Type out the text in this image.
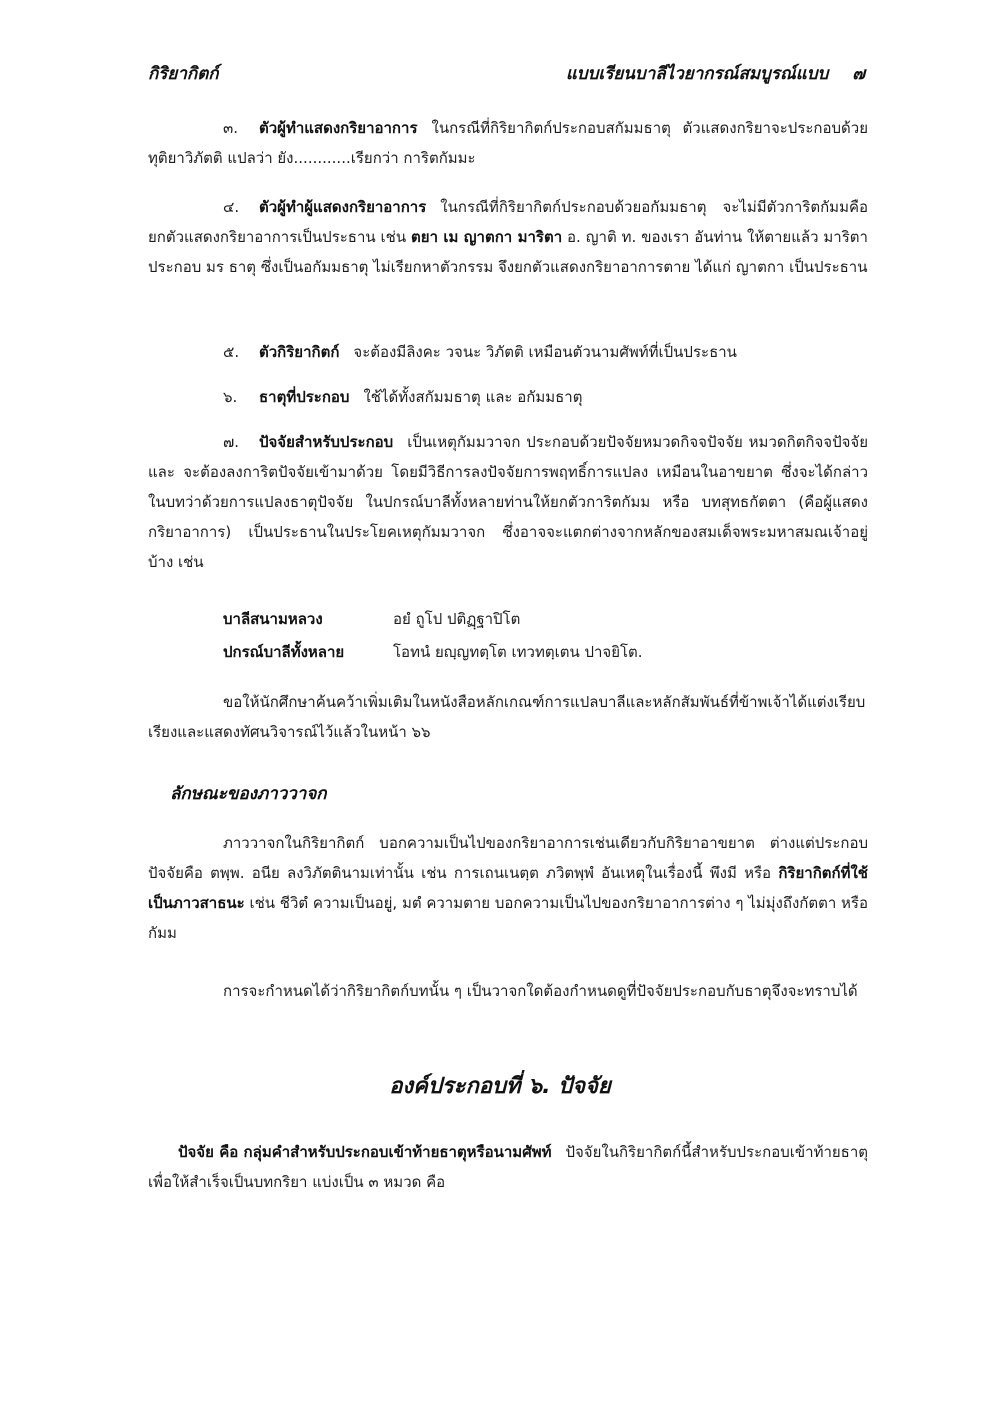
กิริยากิตก์	แบบเรียนบาลีไวยากรณ์สมบูรณ์แบบ ๗
๓. ตัวผู้ทำแสดงกริยาอาการ ในกรณีที่กิริยากิตก์ประกอบสกัมมธาตุ ตัวแสดงกริยาจะประกอบด้วยทุติยาวิภัตติ แปลว่า ยัง............เรียกว่า การิตกัมมะ
๔. ตัวผู้ทำผู้แสดงกริยาอาการ ในกรณีที่กิริยากิตก์ประกอบด้วยอกัมมธาตุ จะไม่มีตัวการิตกัมมคือ ยกตัวแสดงกริยาอาการเป็นประธาน เช่น ตยา เม ญาตกา มาริตา อ. ญาติ ท. ของเรา อันท่าน ให้ตายแล้ว มาริตา ประกอบ มร ธาตุ ซึ่งเป็นอกัมมธาตุ ไม่เรียกหาตัวกรรม จึงยกตัวแสดงกริยาอาการตาย ได้แก่ ญาตกา เป็นประธาน
๕. ตัวกิริยากิตก์ จะต้องมีลิงคะ วจนะ วิภัตติ เหมือนตัวนามศัพท์ที่เป็นประธาน
๖. ธาตุที่ประกอบ ใช้ได้ทั้งสกัมมธาตุ และ อกัมมธาตุ
๗. ปัจจัยสำหรับประกอบ เป็นเหตุกัมมวาจก ประกอบด้วยปัจจัยหมวดกิจจปัจจัย หมวดกิตกิจจปัจจัย และ จะต้องลงการิตปัจจัยเข้ามาด้วย โดยมีวิธีการลงปัจจัยการพฤทธิ์การแปลง เหมือนในอาขยาต ซึ่งจะได้กล่าวในบทว่าด้วยการแปลงธาตุปัจจัย ในปกรณ์บาลีทั้งหลายท่านให้ยกตัวการิตกัมม หรือ บทสุทธกัตตา (คือผู้แสดงกริยาอาการ) เป็นประธานในประโยคเหตุกัมมวาจก ซึ่งอาจจะแตกต่างจากหลักของสมเด็จพระมหาสมณเจ้าอยู่บ้าง เช่น
บาลีสนามหลวง	อยํ ถูโป ปติฏฺฐาปิโต
ปกรณ์บาลีทั้งหลาย	โอทนํ ยญฺญทตฺโต เทวทตฺเตน ปาจยิโต.
ขอให้นักศึกษาค้นคว้าเพิ่มเติมในหนังสือหลักเกณฑ์การแปลบาลีและหลักสัมพันธ์ที่ข้าพเจ้าได้แต่งเรียบเรียงและแสดงทัศนวิจารณ์ไว้แล้วในหน้า ๖๖
ลักษณะของภาววาจก
ภาววาจกในกิริยากิตก์ บอกความเป็นไปของกริยาอาการเช่นเดียวกับกิริยาอาขยาต ต่างแต่ประกอบปัจจัยคือ ตพฺพ. อนีย ลงวิภัตตินามเท่านั้น เช่น การเถนเนตฺต ภวิตพฺพํ อันเหตุในเรื่องนี้ พึงมี หรือ กิริยากิตก์ที่ใช้เป็นภาวสาธนะ เช่น ชีวิตํ ความเป็นอยู่, มตํ ความตาย บอกความเป็นไปของกริยาอาการต่าง ๆ ไม่มุ่งถึงกัตตา หรือ กัมม
การจะกำหนดได้ว่ากิริยากิตก์บทนั้น ๆ เป็นวาจกใดต้องกำหนดดูที่ปัจจัยประกอบกับธาตุจึงจะทราบได้
องค์ประกอบที่ ๖. ปัจจัย
ปัจจัย คือ กลุ่มคำสำหรับประกอบเข้าท้ายธาตุหรือนามศัพท์ ปัจจัยในกิริยากิตก์นี้สำหรับประกอบเข้าท้ายธาตุเพื่อให้สำเร็จเป็นบทกริยา แบ่งเป็น ๓ หมวด คือ
